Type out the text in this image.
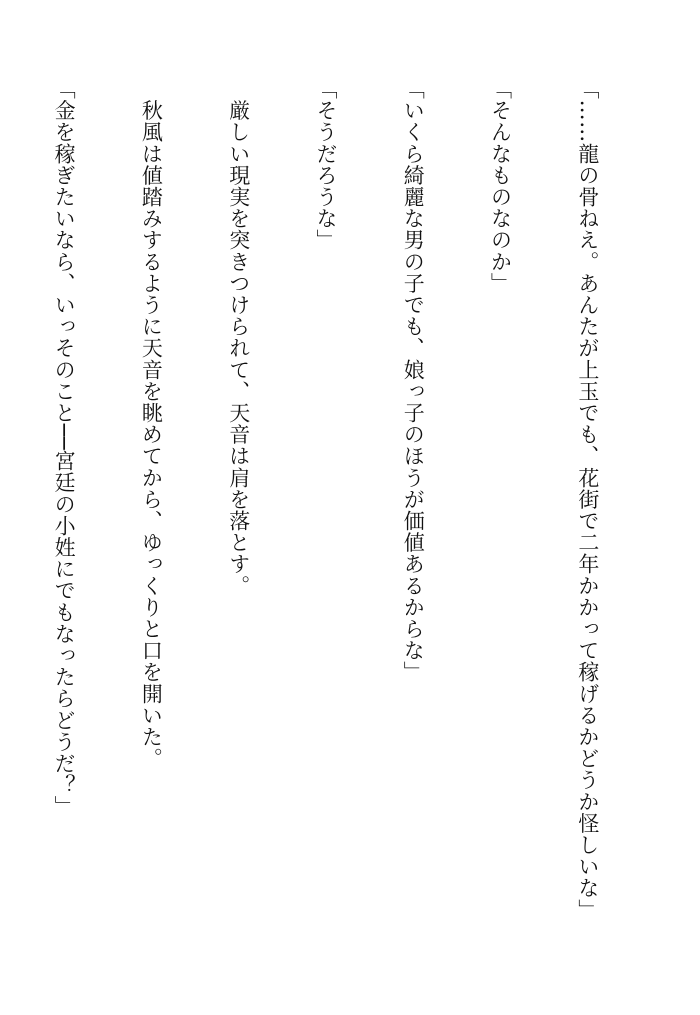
「……龍の骨ねえ。あんたが上玉でも、花街で二年かかって稼げるかどうか怪しいな」

「そんなものなのか」

「いくら綺麗な男の子でも、娘っ子のほうが価値あるからな」

「そうだろうな」

　厳しい現実を突きつけられて、天音は肩を落とす。

　秋風は値踏みするように天音を眺めてから、ゆっくりと口を開いた。

「金を稼ぎたいなら、いっそのこと──宮廷の小姓にでもなったらどうだ？」
